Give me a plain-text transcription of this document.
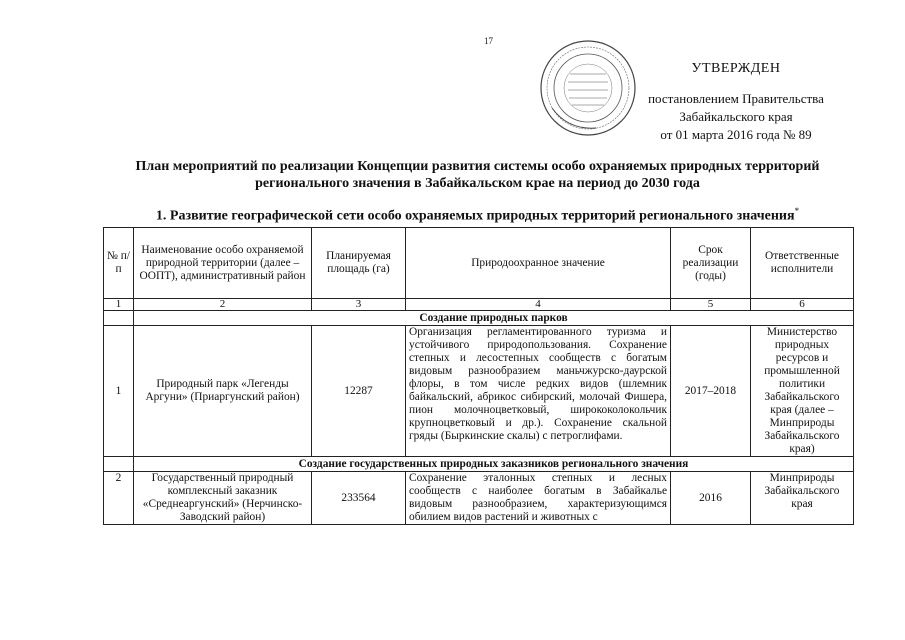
17
УТВЕРЖДЕН
постановлением Правительства
Забайкальского края
от 01 марта 2016 года № 89
План мероприятий по реализации Концепции развития системы особо охраняемых природных территорий регионального значения в Забайкальском крае на период до 2030 года
1. Развитие географической сети особо охраняемых природных территорий регионального значения*
№ п/п	Наименование особо охраняемой природной территории (далее – ООПТ), административный район	Планируемая площадь (га)	Природоохранное значение	Срок реализации (годы)	Ответственные исполнители
1	2	3	4	5	6
	Создание природных парков				
1	Природный парк «Легенды Аргуни» (Приаргунский район)	12287	Организация регламентированного туризма и устойчивого природопользования. Сохранение степных и лесостепных сообществ с богатым видовым разнообразием маньчжурско-даурской флоры, в том числе редких видов (шлемник байкальский, абрикос сибирский, молочай Фишера, пион молочноцветковый, ширококолокольчик крупноцветковый и др.). Сохранение скальной гряды (Быркинские скалы) с петроглифами.	2017–2018	Министерство природных ресурсов и промышленной политики Забайкальского края (далее – Минприроды Забайкальского края)
	Создание государственных природных заказников регионального значения				
2	Государственный природный комплексный заказник «Среднеаргунский» (Нерчинско-Заводский район)	233564	Сохранение эталонных степных и лесных сообществ с наиболее богатым в Забайкалье видовым разнообразием, характеризующимся обилием видов растений и животных с	2016	Минприроды Забайкальского края
